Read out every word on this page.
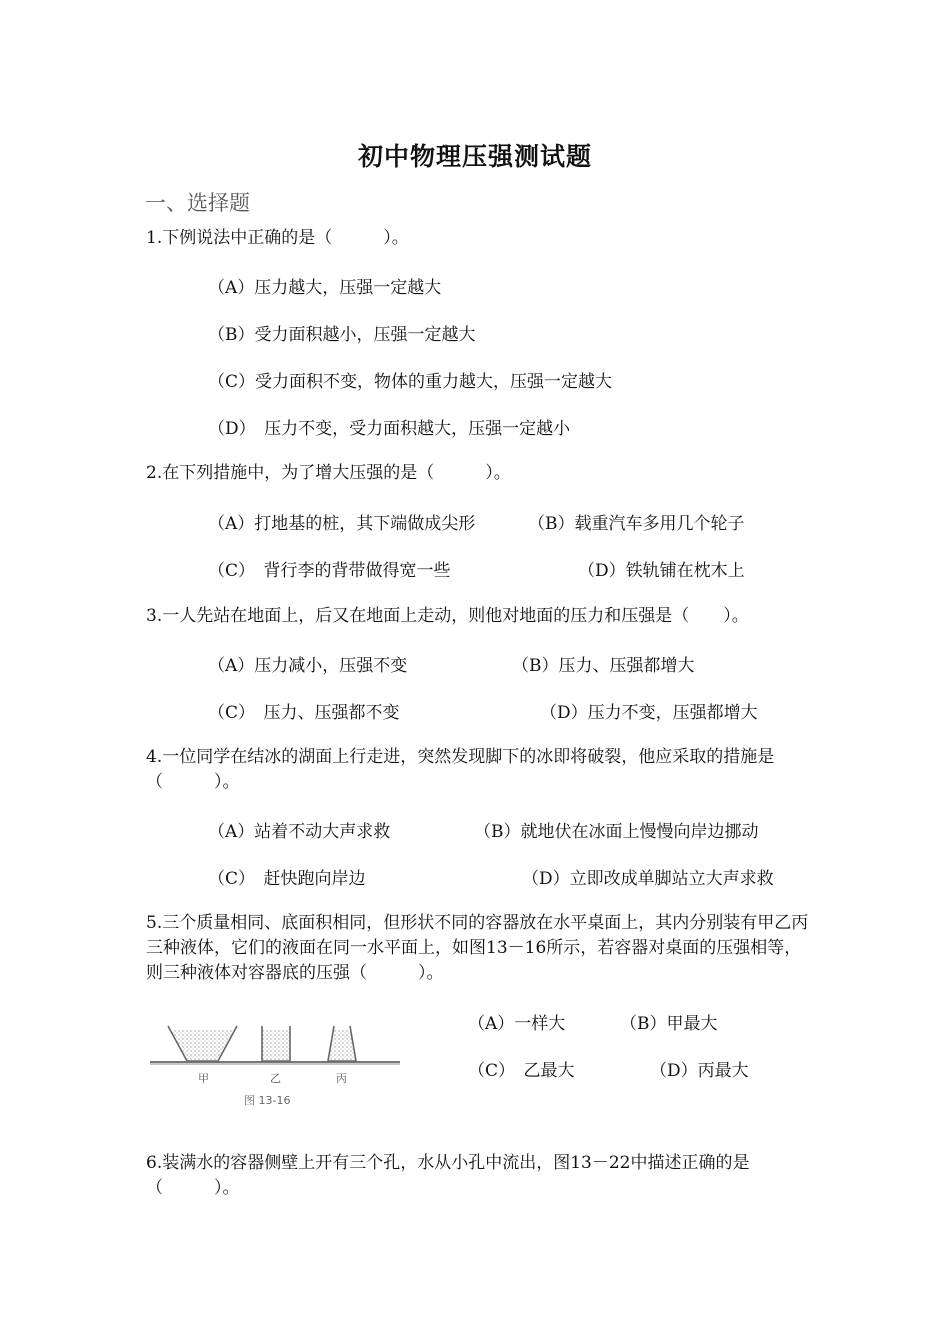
初中物理压强测试题
一、选择题
1.下例说法中正确的是（　　　）。
（A）压力越大，压强一定越大
（B）受力面积越小，压强一定越大
（C）受力面积不变，物体的重力越大，压强一定越大
（D）　压力不变，受力面积越大，压强一定越小
2.在下列措施中，为了增大压强的是（　　　）。
（A）打地基的桩，其下端做成尖形	（B）载重汽车多用几个轮子
（C）　背行李的背带做得宽一些	（D）铁轨铺在枕木上
3.一人先站在地面上，后又在地面上走动，则他对地面的压力和压强是（　　）。
（A）压力减小，压强不变	（B）压力、压强都增大
（C）　压力、压强都不变	（D）压力不变，压强都增大
4.一位同学在结冰的湖面上行走进，突然发现脚下的冰即将破裂，他应采取的措施是（　　　）。
（A）站着不动大声求救	（B）就地伏在冰面上慢慢向岸边挪动
（C）　赶快跑向岸边	（D）立即改成单脚站立大声求救
5.三个质量相同、底面积相同，但形状不同的容器放在水平桌面上，其内分别装有甲乙丙三种液体，它们的液面在同一水平面上，如图13－16所示，若容器对桌面的压强相等，则三种液体对容器底的压强（　　　）。
甲	乙	丙
图 13-16
（A）一样大	（B）甲最大
（C）　乙最大	（D）丙最大
6.装满水的容器侧壁上开有三个孔，水从小孔中流出，图13－22中描述正确的是（　　　）。
